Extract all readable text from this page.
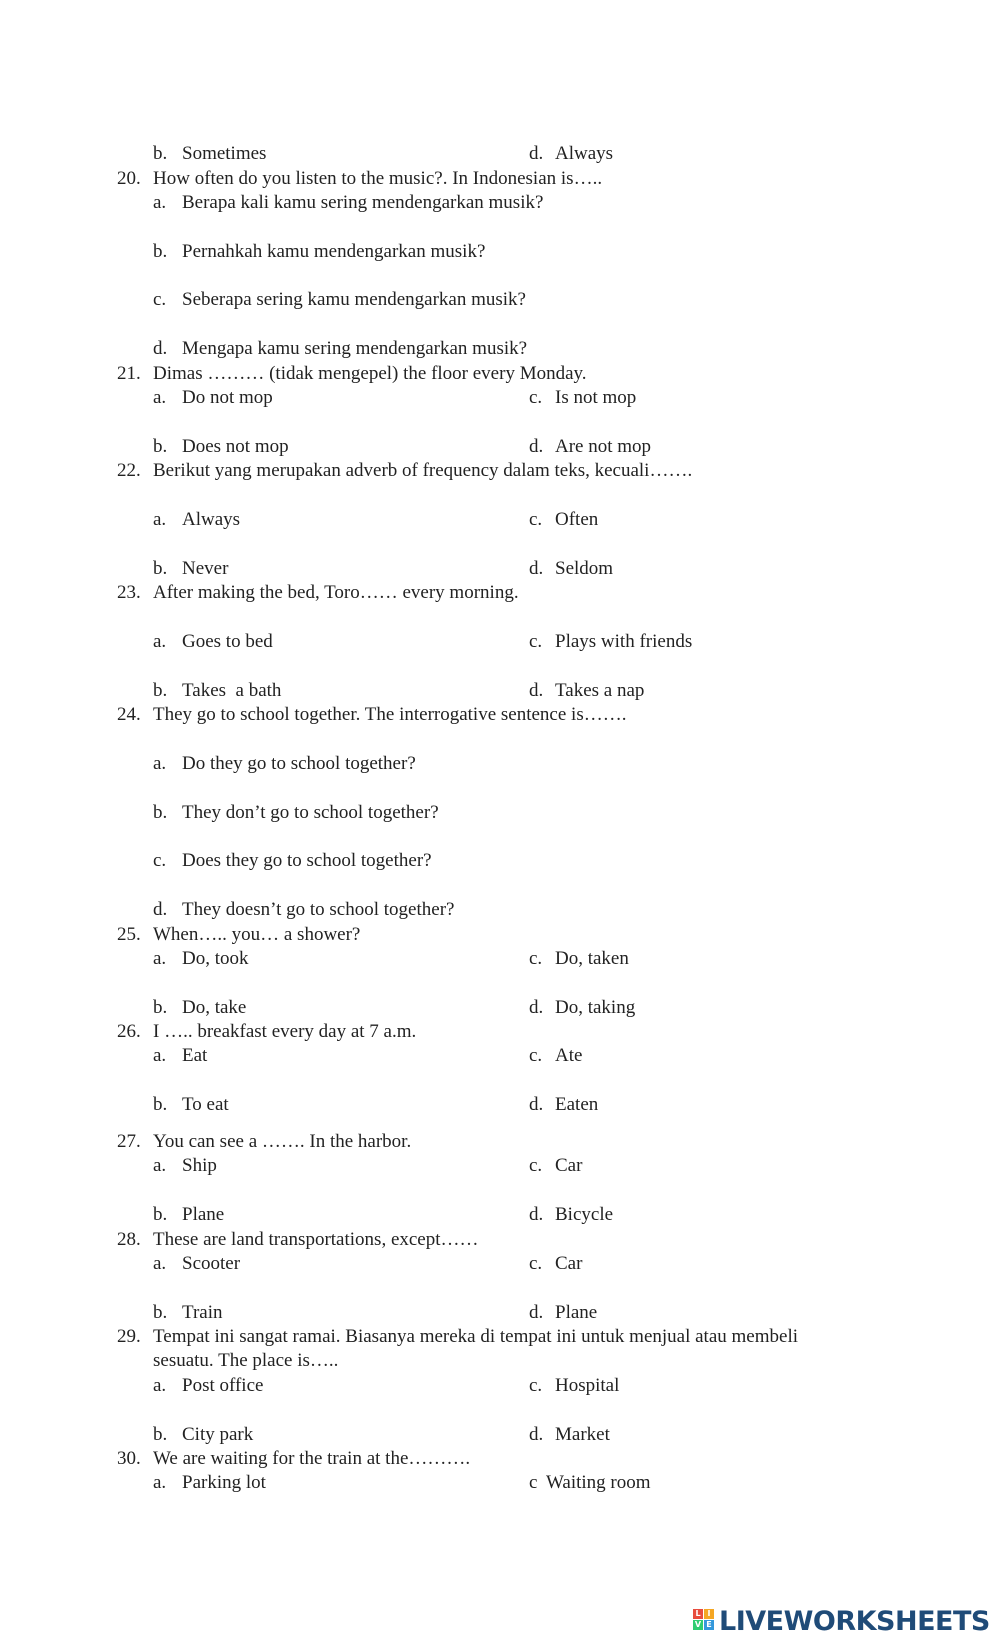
b. Sometimes	d. Always
20. How often do you listen to the music?. In Indonesian is…..
a. Berapa kali kamu sering mendengarkan musik?
b. Pernahkah kamu mendengarkan musik?
c. Seberapa sering kamu mendengarkan musik?
d. Mengapa kamu sering mendengarkan musik?
21. Dimas ……… (tidak mengepel) the floor every Monday.
a. Do not mop	c. Is not mop
b. Does not mop	d. Are not mop
22. Berikut yang merupakan adverb of frequency dalam teks, kecuali…….
a. Always	c. Often
b. Never	d. Seldom
23. After making the bed, Toro…… every morning.
a. Goes to bed	c. Plays with friends
b. Takes  a bath	d. Takes a nap
24. They go to school together. The interrogative sentence is…….
a. Do they go to school together?
b. They don’t go to school together?
c. Does they go to school together?
d. They doesn’t go to school together?
25. When….. you… a shower?
a. Do, took	c. Do, taken
b. Do, take	d. Do, taking
26. I ….. breakfast every day at 7 a.m.
a. Eat	c. Ate
b. To eat	d. Eaten
27. You can see a ……. In the harbor.
a. Ship	c. Car
b. Plane	d. Bicycle
28. These are land transportations, except……
a. Scooter	c. Car
b. Train	d. Plane
29. Tempat ini sangat ramai. Biasanya mereka di tempat ini untuk menjual atau membeli
sesuatu. The place is…..
a. Post office	c. Hospital
b. City park	d. Market
30. We are waiting for the train at the……….
a. Parking lot	c Waiting room
L I
V E LIVEWORKSHEETS
